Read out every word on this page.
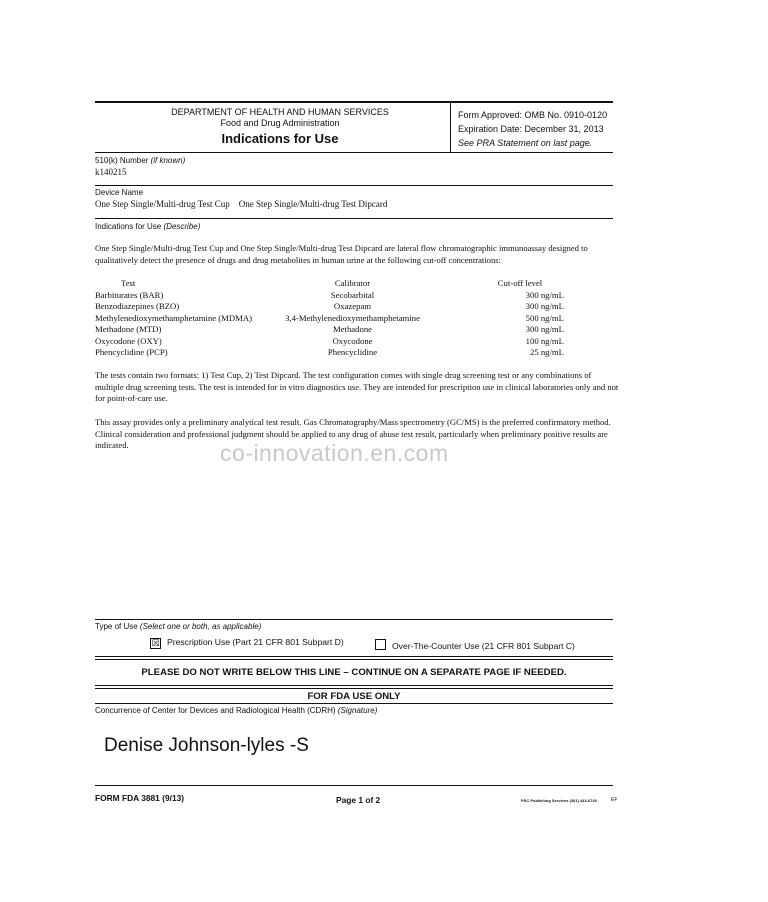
DEPARTMENT OF HEALTH AND HUMAN SERVICES
Food and Drug Administration
Indications for Use
Form Approved: OMB No. 0910-0120
Expiration Date: December 31, 2013
See PRA Statement on last page.
510(k) Number (if known)
k140215
Device Name
One Step Single/Multi-drug Test Cup    One Step Single/Multi-drug Test Dipcard
Indications for Use (Describe)
One Step Single/Multi-drug Test Cup and One Step Single/Multi-drug Test Dipcard are lateral flow chromatographic immunoassay designed to qualitatively detect the presence of drugs and drug metabolites in human urine at the following cut-off concentrations:
Test	Calibrator	Cut-off level
Barbiturates (BAR)	Secobarbital	300 ng/mL
Benzodiazepines (BZO)	Oxazepam	300 ng/mL
Methylenedioxymethamphetamine (MDMA)	3,4-Methylenedioxymethamphetamine	500 ng/mL
Methadone (MTD)	Methadone	300 ng/mL
Oxycodone (OXY)	Oxycodone	100 ng/mL
Phencyclidine (PCP)	Phencyclidine	25 ng/mL
The tests contain two formats: 1) Test Cup, 2) Test Dipcard. The test configuration comes with single drug screening test or any combinations of multiple drug screening tests. The test is intended for in vitro diagnostics use. They are intended for prescription use in clinical laboratories only and not for point-of-care use.
This assay provides only a preliminary analytical test result. Gas Chromatography/Mass spectrometry (GC/MS) is the preferred confirmatory method. Clinical consideration and professional judgment should be applied to any drug of abuse test result, particularly when preliminary positive results are indicated.	co-innovation.en.com
Type of Use (Select one or both, as applicable)
☒ Prescription Use (Part 21 CFR 801 Subpart D)	Over-The-Counter Use (21 CFR 801 Subpart C)
PLEASE DO NOT WRITE BELOW THIS LINE – CONTINUE ON A SEPARATE PAGE IF NEEDED.
FOR FDA USE ONLY
Concurrence of Center for Devices and Radiological Health (CDRH) (Signature)
Denise Johnson-lyles -S
FORM FDA 3881 (9/13)	Page 1 of 2	PSC Publishing Services (301) 443-6740	EF
